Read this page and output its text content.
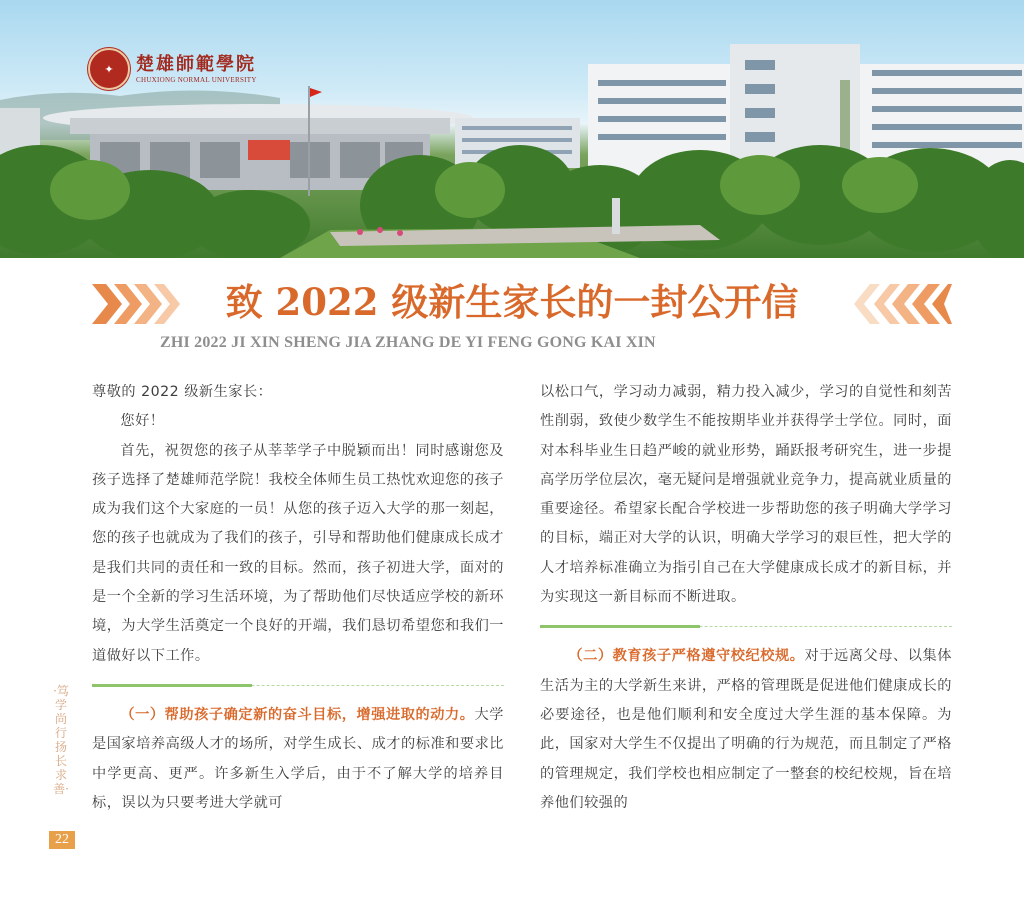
✦	楚雄師範學院
CHUXIONG NORMAL UNIVERSITY
致 2022 级新生家长的一封公开信
ZHI 2022 JI XIN SHENG JIA ZHANG DE YI FENG GONG KAI XIN

尊敬的 2022 级新生家长：

您好！

首先，祝贺您的孩子从莘莘学子中脱颖而出！同时感谢您及孩子选择了楚雄师范学院！我校全体师生员工热忱欢迎您的孩子成为我们这个大家庭的一员！从您的孩子迈入大学的那一刻起，您的孩子也就成为了我们的孩子，引导和帮助他们健康成长成才是我们共同的责任和一致的目标。然而，孩子初进大学，面对的是一个全新的学习生活环境，为了帮助他们尽快适应学校的新环境，为大学生活奠定一个良好的开端，我们恳切希望您和我们一道做好以下工作。

（一）帮助孩子确定新的奋斗目标，增强进取的动力。大学是国家培养高级人才的场所，对学生成长、成才的标准和要求比中学更高、更严。许多新生入学后，由于不了解大学的培养目标，误以为只要考进大学就可

以松口气，学习动力减弱，精力投入减少，学习的自觉性和刻苦性削弱，致使少数学生不能按期毕业并获得学士学位。同时，面对本科毕业生日趋严峻的就业形势，踊跃报考研究生，进一步提高学历学位层次，毫无疑问是增强就业竞争力，提高就业质量的重要途径。希望家长配合学校进一步帮助您的孩子明确大学学习的目标，端正对大学的认识，明确大学学习的艰巨性，把大学的人才培养标准确立为指引自己在大学健康成长成才的新目标，并为实现这一新目标而不断进取。

（二）教育孩子严格遵守校纪校规。对于远离父母、以集体生活为主的大学新生来讲，严格的管理既是促进他们健康成长的必要途径，也是他们顺利和安全度过大学生涯的基本保障。为此，国家对大学生不仅提出了明确的行为规范，而且制定了严格的管理规定，我们学校也相应制定了一整套的校纪校规，旨在培养他们较强的

·笃学尚行 扬长求善·
22
